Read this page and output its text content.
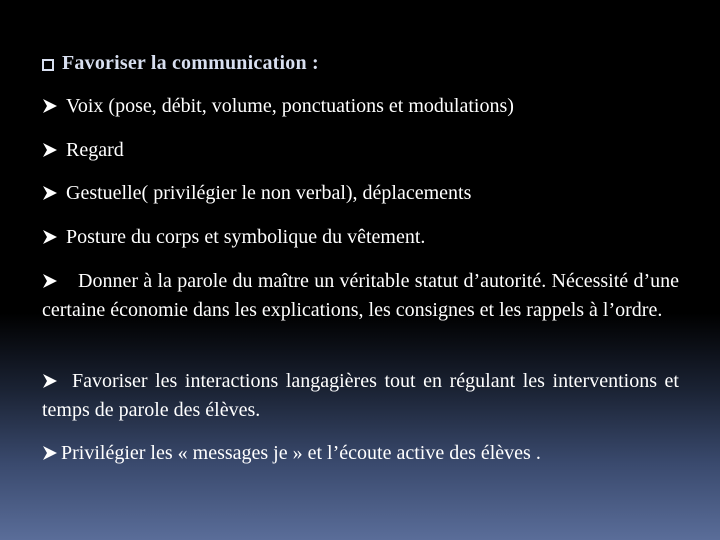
Favoriser la communication :
Voix (pose, débit, volume, ponctuations et modulations)
Regard
Gestuelle( privilégier le non verbal), déplacements
Posture du corps et symbolique du vêtement.
Donner à la parole du maître un véritable statut d’autorité. Nécessité d’une certaine économie dans les explications, les consignes et les rappels à l’ordre.
Favoriser les interactions langagières tout en régulant les interventions et temps de parole des élèves.
Privilégier les « messages je » et l’écoute active des élèves .
